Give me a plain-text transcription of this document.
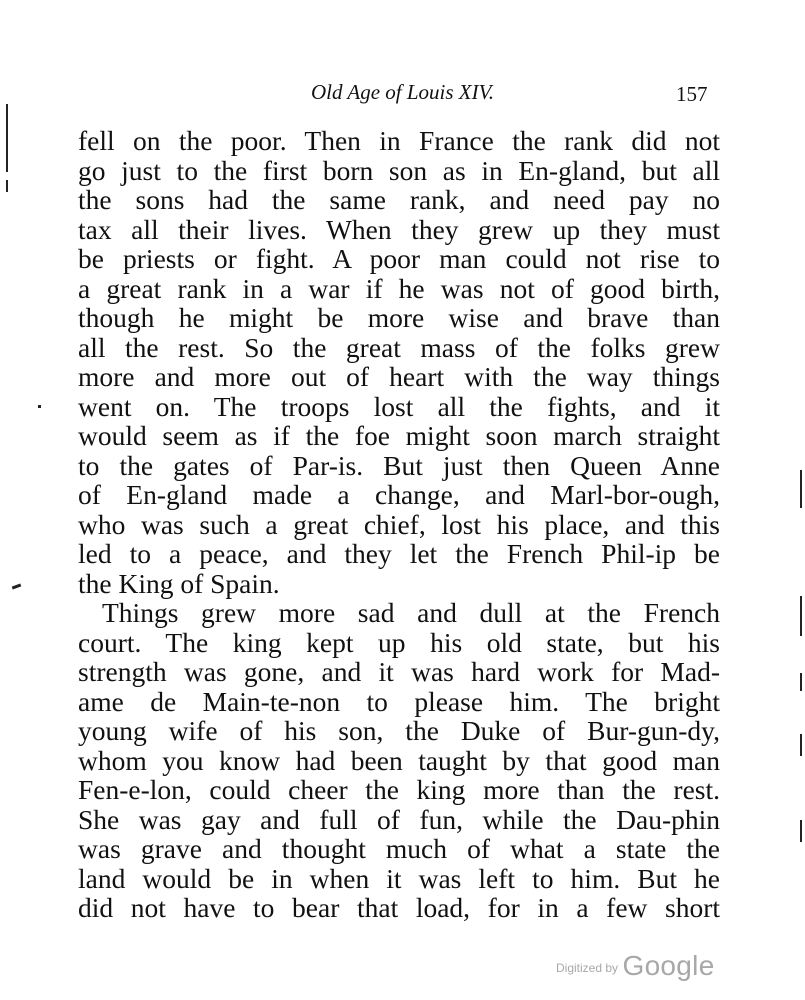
Old Age of Louis XIV.	157
fell on the poor. Then in France the rank did not
go just to the first born son as in En-gland, but all
the sons had the same rank, and need pay no
tax all their lives. When they grew up they must
be priests or fight. A poor man could not rise to
a great rank in a war if he was not of good birth,
though he might be more wise and brave than
all the rest. So the great mass of the folks grew
more and more out of heart with the way things
went on. The troops lost all the fights, and it
would seem as if the foe might soon march straight
to the gates of Par-is. But just then Queen Anne
of En-gland made a change, and Marl-bor-ough,
who was such a great chief, lost his place, and this
led to a peace, and they let the French Phil-ip be
the King of Spain.
Things grew more sad and dull at the French
court. The king kept up his old state, but his
strength was gone, and it was hard work for Mad-
ame de Main-te-non to please him. The bright
young wife of his son, the Duke of Bur-gun-dy,
whom you know had been taught by that good man
Fen-e-lon, could cheer the king more than the rest.
She was gay and full of fun, while the Dau-phin
was grave and thought much of what a state the
land would be in when it was left to him. But he
did not have to bear that load, for in a few short
Digitized by Google
